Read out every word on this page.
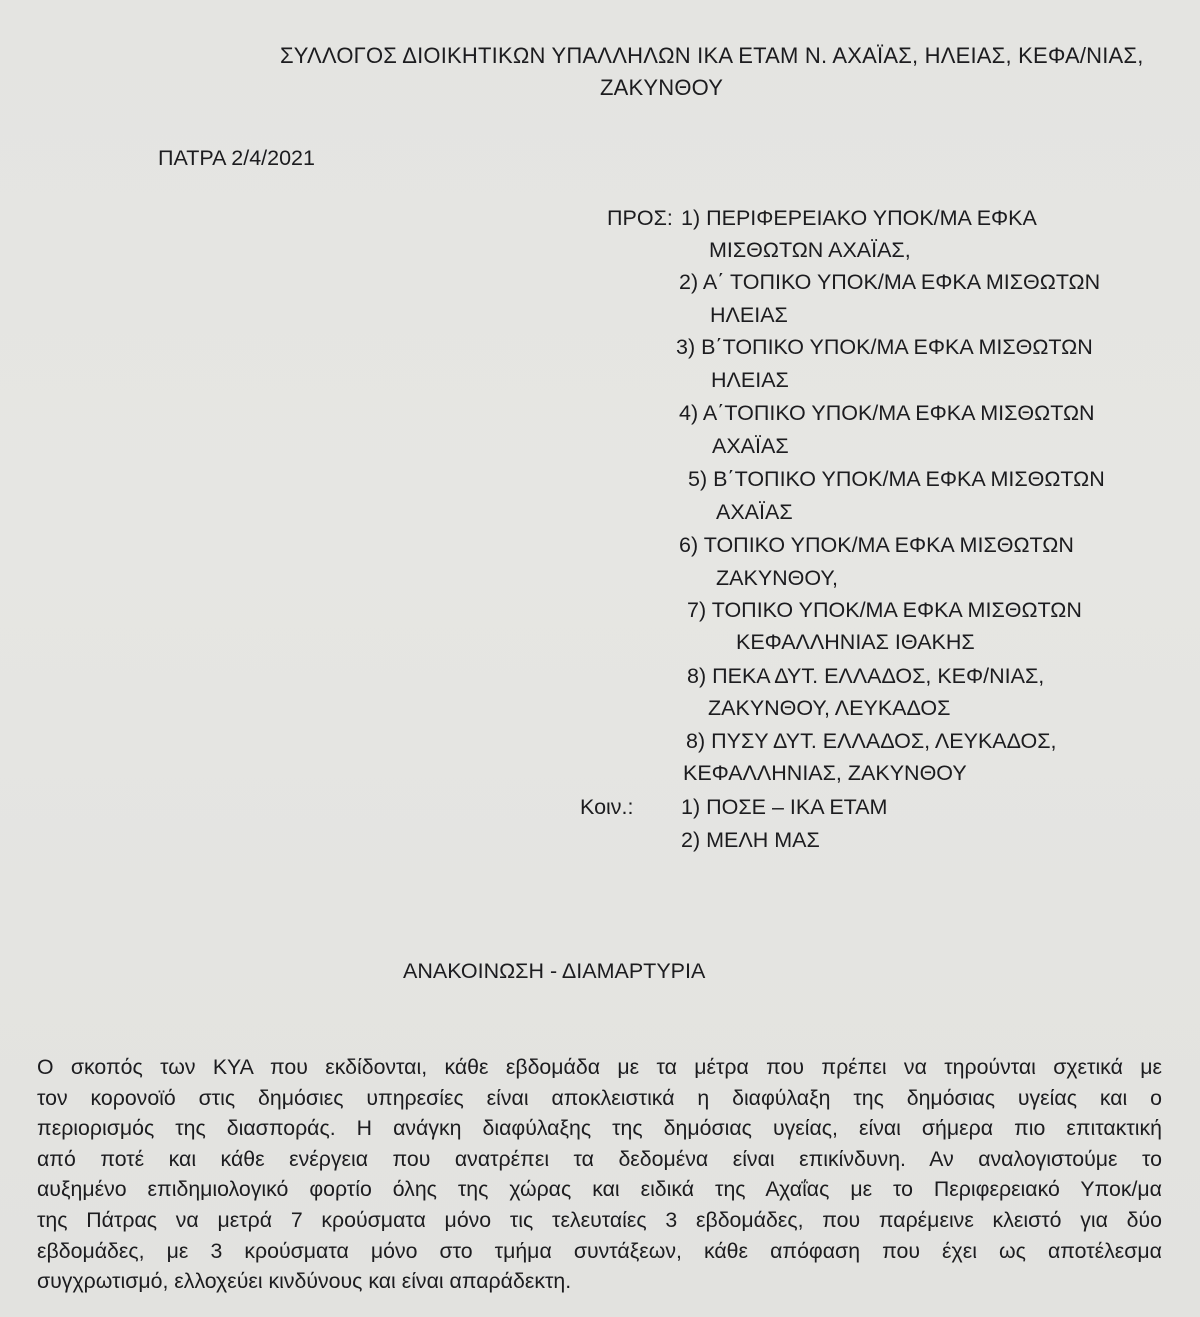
ΣΥΛΛΟΓΟΣ ΔΙΟΙΚΗΤΙΚΩΝ ΥΠΑΛΛΗΛΩΝ ΙΚΑ ΕΤΑΜ Ν. ΑΧΑΪΑΣ, ΗΛΕΙΑΣ, ΚΕΦΑ/ΝΙΑΣ,
ΖΑΚΥΝΘΟΥ
ΠΑΤΡΑ 2/4/2021
ΠΡΟΣ: 1) ΠΕΡΙΦΕΡΕΙΑΚΟ ΥΠΟΚ/ΜΑ ΕΦΚΑ
ΜΙΣΘΩΤΩΝ ΑΧΑΪΑΣ,
2) Α΄ ΤΟΠΙΚΟ ΥΠΟΚ/ΜΑ ΕΦΚΑ ΜΙΣΘΩΤΩΝ
ΗΛΕΙΑΣ
3) Β΄ΤΟΠΙΚΟ ΥΠΟΚ/ΜΑ ΕΦΚΑ ΜΙΣΘΩΤΩΝ
ΗΛΕΙΑΣ
4) Α΄ΤΟΠΙΚΟ ΥΠΟΚ/ΜΑ ΕΦΚΑ ΜΙΣΘΩΤΩΝ
ΑΧΑΪΑΣ
5) Β΄ΤΟΠΙΚΟ ΥΠΟΚ/ΜΑ ΕΦΚΑ ΜΙΣΘΩΤΩΝ
ΑΧΑΪΑΣ
6) ΤΟΠΙΚΟ ΥΠΟΚ/ΜΑ ΕΦΚΑ ΜΙΣΘΩΤΩΝ
ΖΑΚΥΝΘΟΥ,
7) ΤΟΠΙΚΟ ΥΠΟΚ/ΜΑ ΕΦΚΑ ΜΙΣΘΩΤΩΝ
ΚΕΦΑΛΛΗΝΙΑΣ ΙΘΑΚΗΣ
8) ΠΕΚΑ ΔΥΤ. ΕΛΛΑΔΟΣ, ΚΕΦ/ΝΙΑΣ,
ΖΑΚΥΝΘΟΥ, ΛΕΥΚΑΔΟΣ
8) ΠΥΣΥ ΔΥΤ. ΕΛΛΑΔΟΣ, ΛΕΥΚΑΔΟΣ,
ΚΕΦΑΛΛΗΝΙΑΣ, ΖΑΚΥΝΘΟΥ
Κοιν.: 1) ΠΟΣΕ – ΙΚΑ ΕΤΑΜ
2) ΜΕΛΗ ΜΑΣ
ΑΝΑΚΟΙΝΩΣΗ - ΔΙΑΜΑΡΤΥΡΙΑ
Ο σκοπός των ΚΥΑ που εκδίδονται, κάθε εβδομάδα με τα μέτρα που πρέπει να τηρούνται σχετικά με
τον κορονοϊό στις δημόσιες υπηρεσίες είναι αποκλειστικά η διαφύλαξη της δημόσιας υγείας και ο
περιορισμός της διασποράς. Η ανάγκη διαφύλαξης της δημόσιας υγείας, είναι σήμερα πιο επιτακτική
από ποτέ και κάθε ενέργεια που ανατρέπει τα δεδομένα είναι επικίνδυνη. Αν αναλογιστούμε το
αυξημένο επιδημιολογικό φορτίο όλης της χώρας και ειδικά της Αχαΐας με το Περιφερειακό Υποκ/μα
της Πάτρας να μετρά 7 κρούσματα μόνο τις τελευταίες 3 εβδομάδες, που παρέμεινε κλειστό για δύο
εβδομάδες, με 3 κρούσματα μόνο στο τμήμα συντάξεων, κάθε απόφαση που έχει ως αποτέλεσμα
συγχρωτισμό, ελλοχεύει κινδύνους και είναι απαράδεκτη.
